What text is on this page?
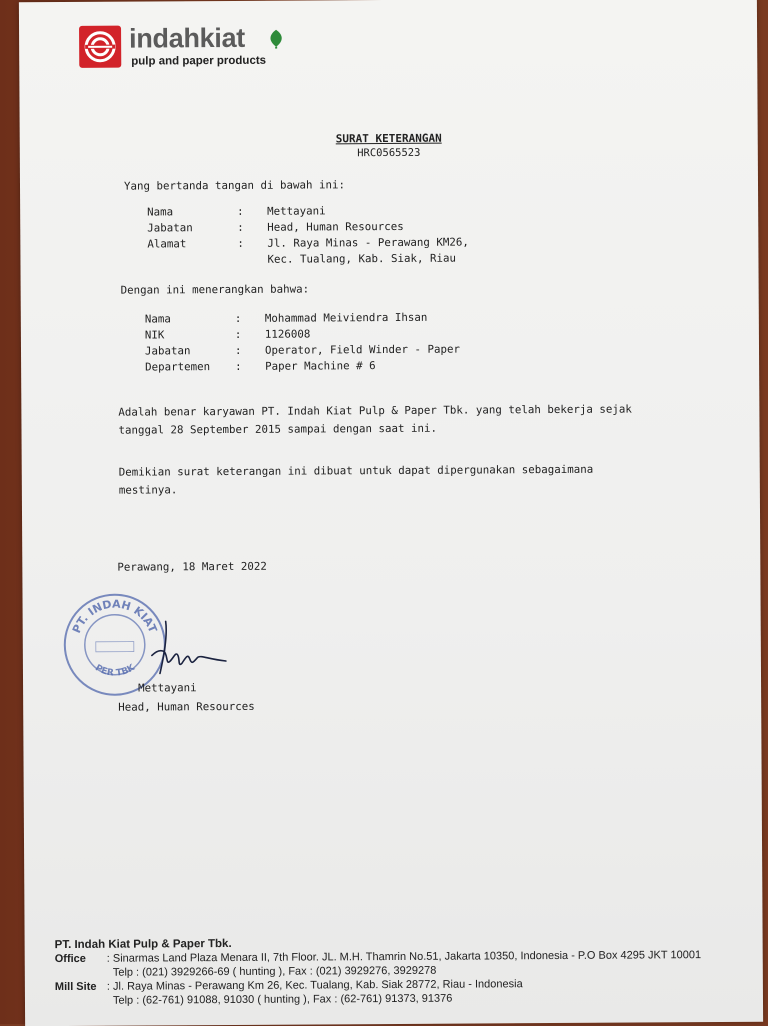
indahkiat
pulp and paper products
SURAT KETERANGAN
HRC0565523
Yang bertanda tangan di bawah ini:
Nama	:	Mettayani
Jabatan	:	Head, Human Resources
Alamat	:	Jl. Raya Minas - Perawang KM26,
Kec. Tualang, Kab. Siak, Riau
Dengan ini menerangkan bahwa:
Nama	:	Mohammad Meiviendra Ihsan
NIK	:	1126008
Jabatan	:	Operator, Field Winder - Paper
Departemen	:	Paper Machine # 6
Adalah benar karyawan PT. Indah Kiat Pulp & Paper Tbk. yang telah bekerja sejak
tanggal 28 September 2015 sampai dengan saat ini.
Demikian surat keterangan ini dibuat untuk dapat dipergunakan sebagaimana
mestinya.
Perawang, 18 Maret 2022
PT. INDAH KIAT
PER TBK
Mettayani
Head, Human Resources
PT. Indah Kiat Pulp & Paper Tbk.
Office	: Sinarmas Land Plaza Menara II, 7th Floor. JL. M.H. Thamrin No.51, Jakarta 10350, Indonesia - P.O Box 4295 JKT 10001
Telp : (021) 3929266-69 ( hunting ), Fax : (021) 3929276, 3929278
Mill Site : Jl. Raya Minas - Perawang Km 26, Kec. Tualang, Kab. Siak 28772, Riau - Indonesia
Telp : (62-761) 91088, 91030 ( hunting ), Fax : (62-761) 91373, 91376
